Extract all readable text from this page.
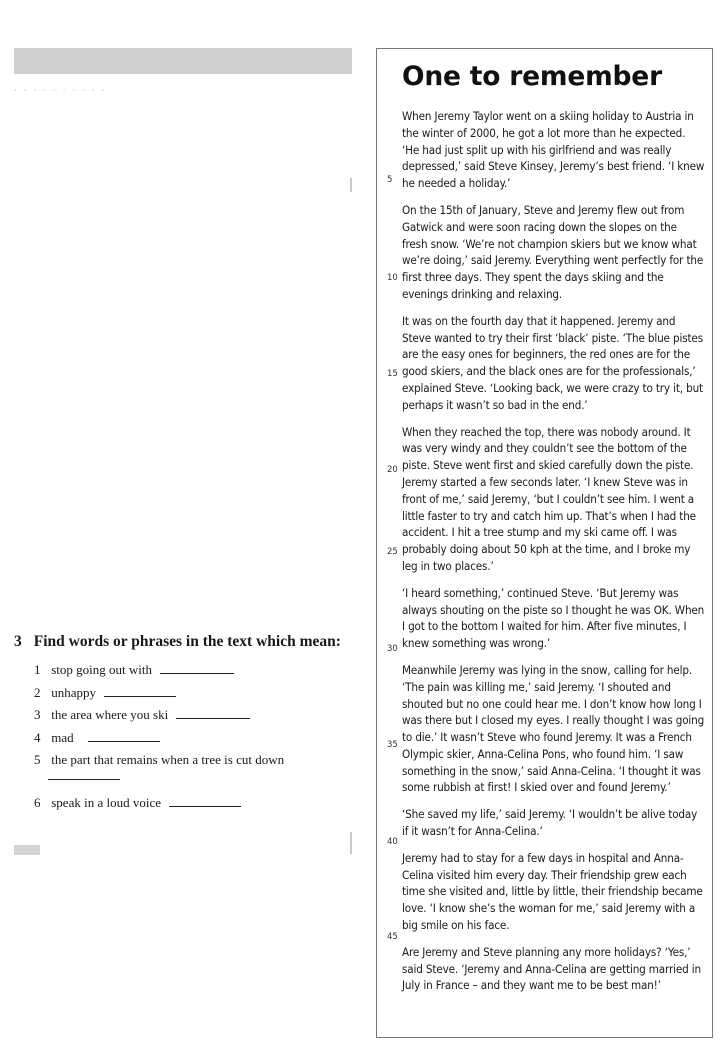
· · · · · · · · · ·

3 Find words or phrases in the text which mean:

1 stop going out with
2 unhappy
3 the area where you ski
4 mad
5 the part that remains when a tree is cut down
6 speak in a loud voice
One to remember
5
10
15
20
25
30
35
40
45

When Jeremy Taylor went on a skiing holiday to Austria in the winter of 2000, he got a lot more than he expected. ‘He had just split up with his girlfriend and was really depressed,’ said Steve Kinsey, Jeremy’s best friend. ‘I knew he needed a holiday.’

On the 15th of January, Steve and Jeremy flew out from Gatwick and were soon racing down the slopes on the fresh snow. ‘We’re not champion skiers but we know what we’re doing,’ said Jeremy. Everything went perfectly for the first three days. They spent the days skiing and the evenings drinking and relaxing.

It was on the fourth day that it happened. Jeremy and Steve wanted to try their first ‘black’ piste. ‘The blue pistes are the easy ones for beginners, the red ones are for the good skiers, and the black ones are for the professionals,’ explained Steve. ‘Looking back, we were crazy to try it, but perhaps it wasn’t so bad in the end.’

When they reached the top, there was nobody around. It was very windy and they couldn’t see the bottom of the piste. Steve went first and skied carefully down the piste. Jeremy started a few seconds later. ‘I knew Steve was in front of me,’ said Jeremy, ‘but I couldn’t see him. I went a little faster to try and catch him up. That’s when I had the accident. I hit a tree stump and my ski came off. I was probably doing about 50 kph at the time, and I broke my leg in two places.’

‘I heard something,’ continued Steve. ‘But Jeremy was always shouting on the piste so I thought he was OK. When I got to the bottom I waited for him. After five minutes, I knew something was wrong.’

Meanwhile Jeremy was lying in the snow, calling for help. ‘The pain was killing me,’ said Jeremy. ‘I shouted and shouted but no one could hear me. I don’t know how long I was there but I closed my eyes. I really thought I was going to die.’ It wasn’t Steve who found Jeremy. It was a French Olympic skier, Anna-Celina Pons, who found him. ‘I saw something in the snow,’ said Anna-Celina. ‘I thought it was some rubbish at first! I skied over and found Jeremy.’

‘She saved my life,’ said Jeremy. ‘I wouldn’t be alive today if it wasn’t for Anna-Celina.’

Jeremy had to stay for a few days in hospital and Anna-Celina visited him every day. Their friendship grew each time she visited and, little by little, their friendship became love. ‘I know she’s the woman for me,’ said Jeremy with a big smile on his face.

Are Jeremy and Steve planning any more holidays? ‘Yes,’ said Steve. ‘Jeremy and Anna-Celina are getting married in July in France – and they want me to be best man!’
